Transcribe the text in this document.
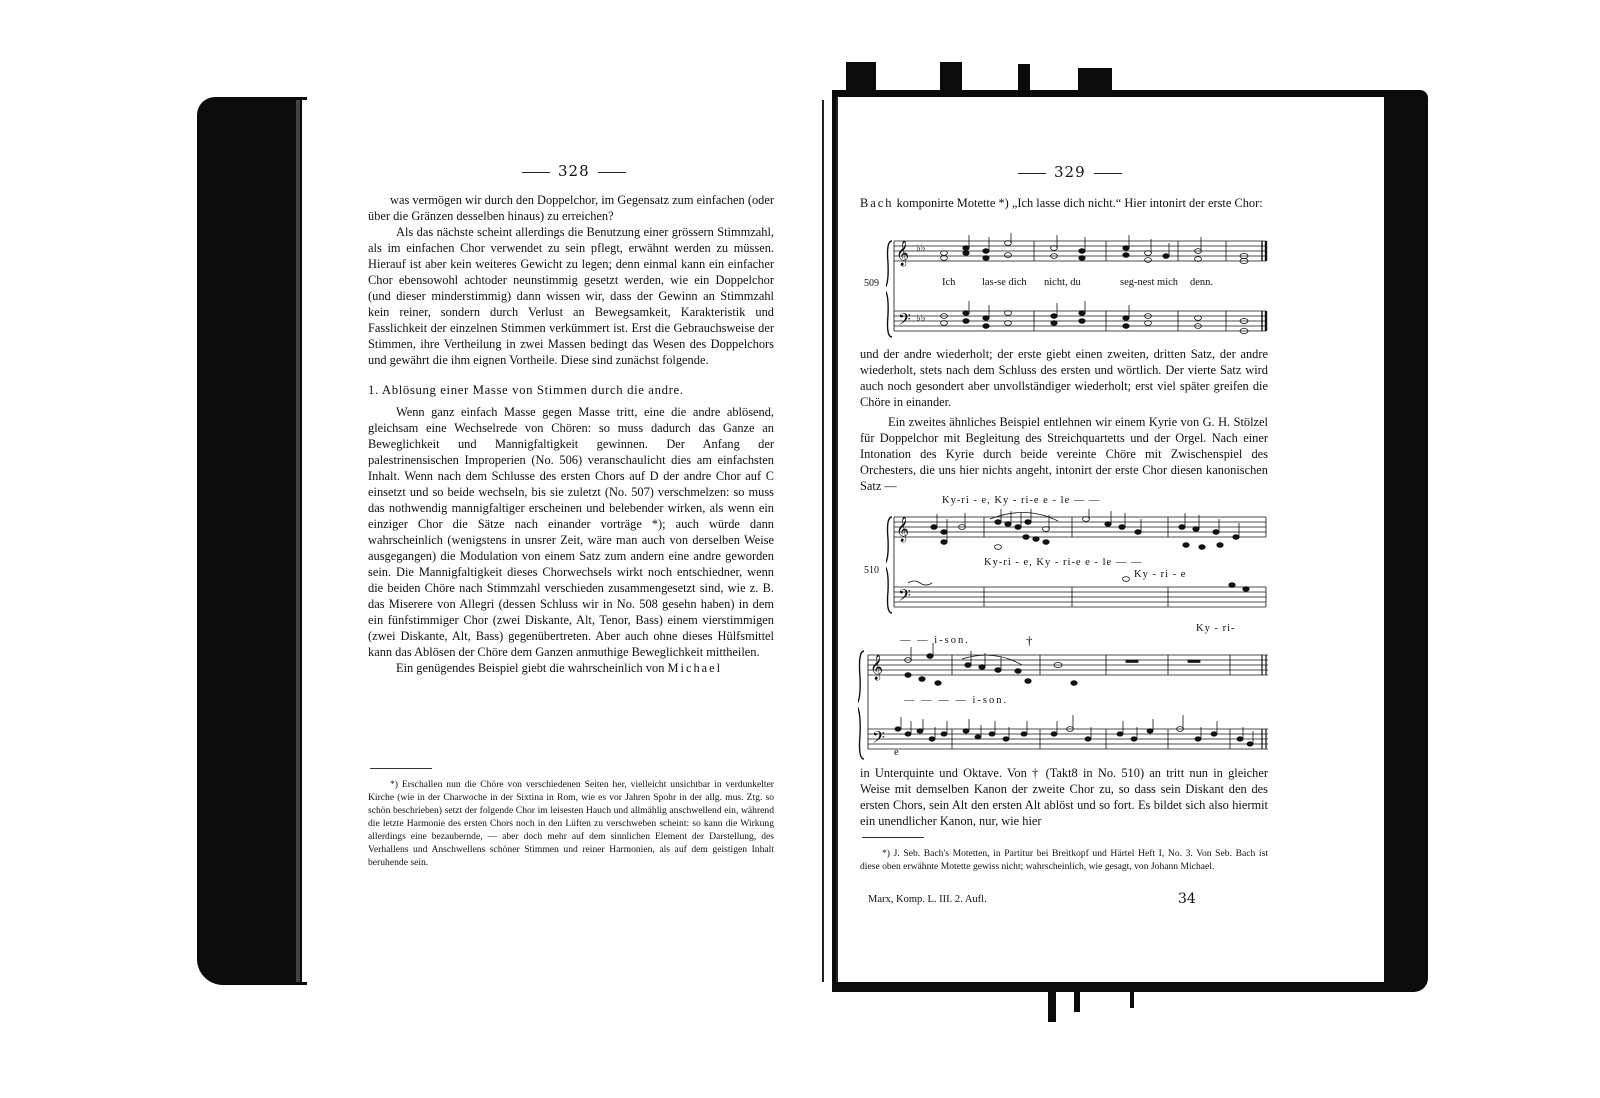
328

was vermögen wir durch den Doppelchor, im Gegensatz zum einfachen (oder über die Gränzen desselben hinaus) zu erreichen?

Als das nächste scheint allerdings die Benutzung einer grössern Stimmzahl, als im einfachen Chor verwendet zu sein pflegt, erwähnt werden zu müssen. Hierauf ist aber kein weiteres Gewicht zu legen; denn einmal kann ein einfacher Chor ebensowohl achtoder neunstimmig gesetzt werden, wie ein Doppelchor (und dieser minderstimmig) dann wissen wir, dass der Gewinn an Stimmzahl kein reiner, sondern durch Verlust an Bewegsamkeit, Karakteristik und Fasslichkeit der einzelnen Stimmen verkümmert ist. Erst die Gebrauchsweise der Stimmen, ihre Vertheilung in zwei Massen bedingt das Wesen des Doppelchors und gewährt die ihm eignen Vortheile. Diese sind zunächst folgende.

1. Ablösung einer Masse von Stimmen durch die andre.

Wenn ganz einfach Masse gegen Masse tritt, eine die andre ablösend, gleichsam eine Wechselrede von Chören: so muss dadurch das Ganze an Beweglichkeit und Mannigfaltigkeit gewinnen. Der Anfang der palestrinensischen Improperien (No. 506) veranschaulicht dies am einfachsten Inhalt. Wenn nach dem Schlusse des ersten Chors auf D der andre Chor auf C einsetzt und so beide wechseln, bis sie zuletzt (No. 507) verschmelzen: so muss das nothwendig mannigfaltiger erscheinen und belebender wirken, als wenn ein einziger Chor die Sätze nach einander vorträge *); auch würde dann wahrscheinlich (wenigstens in unsrer Zeit, wäre man auch von derselben Weise ausgegangen) die Modulation von einem Satz zum andern eine andre geworden sein. Die Mannigfaltigkeit dieses Chorwechsels wirkt noch entschiedner, wenn die beiden Chöre nach Stimmzahl verschieden zusammengesetzt sind, wie z. B. das Miserere von Allegri (dessen Schluss wir in No. 508 gesehn haben) in dem ein fünfstimmiger Chor (zwei Diskante, Alt, Tenor, Bass) einem vierstimmigen (zwei Diskante, Alt, Bass) gegenübertreten. Aber auch ohne dieses Hülfsmittel kann das Ablösen der Chöre dem Ganzen anmuthige Beweglichkeit mittheilen.

Ein genügendes Beispiel giebt die wahrscheinlich von Michael

*) Erschallen nun die Chöre von verschiedenen Seiten her, vielleicht unsichtbar in verdunkelter Kirche (wie in der Charwoche in der Sixtina in Rom, wie es vor Jahren Spohr in der allg. mus. Ztg. so schön beschrieben) setzt der folgende Chor im leisesten Hauch und allmählig anschwellend ein, während die letzte Harmonie des ersten Chors noch in den Lüften zu verschweben scheint: so kann die Wirkung allerdings eine bezaubernde, — aber doch mehr auf dem sinnlichen Element der Darstellung, des Verhallens und Anschwellens schöner Stimmen und reiner Harmonien, als auf dem geistigen Inhalt beruhende sein.

329

Bach komponirte Motette *) „Ich lasse dich nicht.“ Hier intonirt der erste Chor:

509
𝄞
𝄢
♭♭
♭♭
Ich	las-se dich nicht, du	seg-nest mich denn.

und der andre wiederholt; der erste giebt einen zweiten, dritten Satz, der andre wiederholt, stets nach dem Schluss des ersten und wörtlich. Der vierte Satz wird auch noch gesondert aber unvollständiger wiederholt; erst viel später greifen die Chöre in einander.

Ein zweites ähnliches Beispiel entlehnen wir einem Kyrie von G. H. Stölzel für Doppelchor mit Begleitung des Streichquartetts und der Orgel. Nach einer Intonation des Kyrie durch beide vereinte Chöre mit Zwischenspiel des Orchesters, die uns hier nichts angeht, intonirt der erste Chor diesen kanonischen Satz —

Ky-ri - e, Ky - ri-e e - le — —
510
𝄞
𝄢
Ky-ri - e, Ky - ri-e e - le — —
Ky - ri - e
Ky - ri-
— — i-son.	†
𝄞
𝄢
— — — — i-son.
e

in Unterquinte und Oktave. Von † (Takt8 in No. 510) an tritt nun in gleicher Weise mit demselben Kanon der zweite Chor zu, so dass sein Diskant den des ersten Chors, sein Alt den ersten Alt ablöst und so fort. Es bildet sich also hiermit ein unendlicher Kanon, nur, wie hier

*) J. Seb. Bach's Motetten, in Partitur bei Breitkopf und Härtel Heft I, No. 3. Von Seb. Bach ist diese oben erwähnte Motette gewiss nicht; wahrscheinlich, wie gesagt, von Johann Michael.

Marx, Komp. L. III. 2. Aufl.	34
